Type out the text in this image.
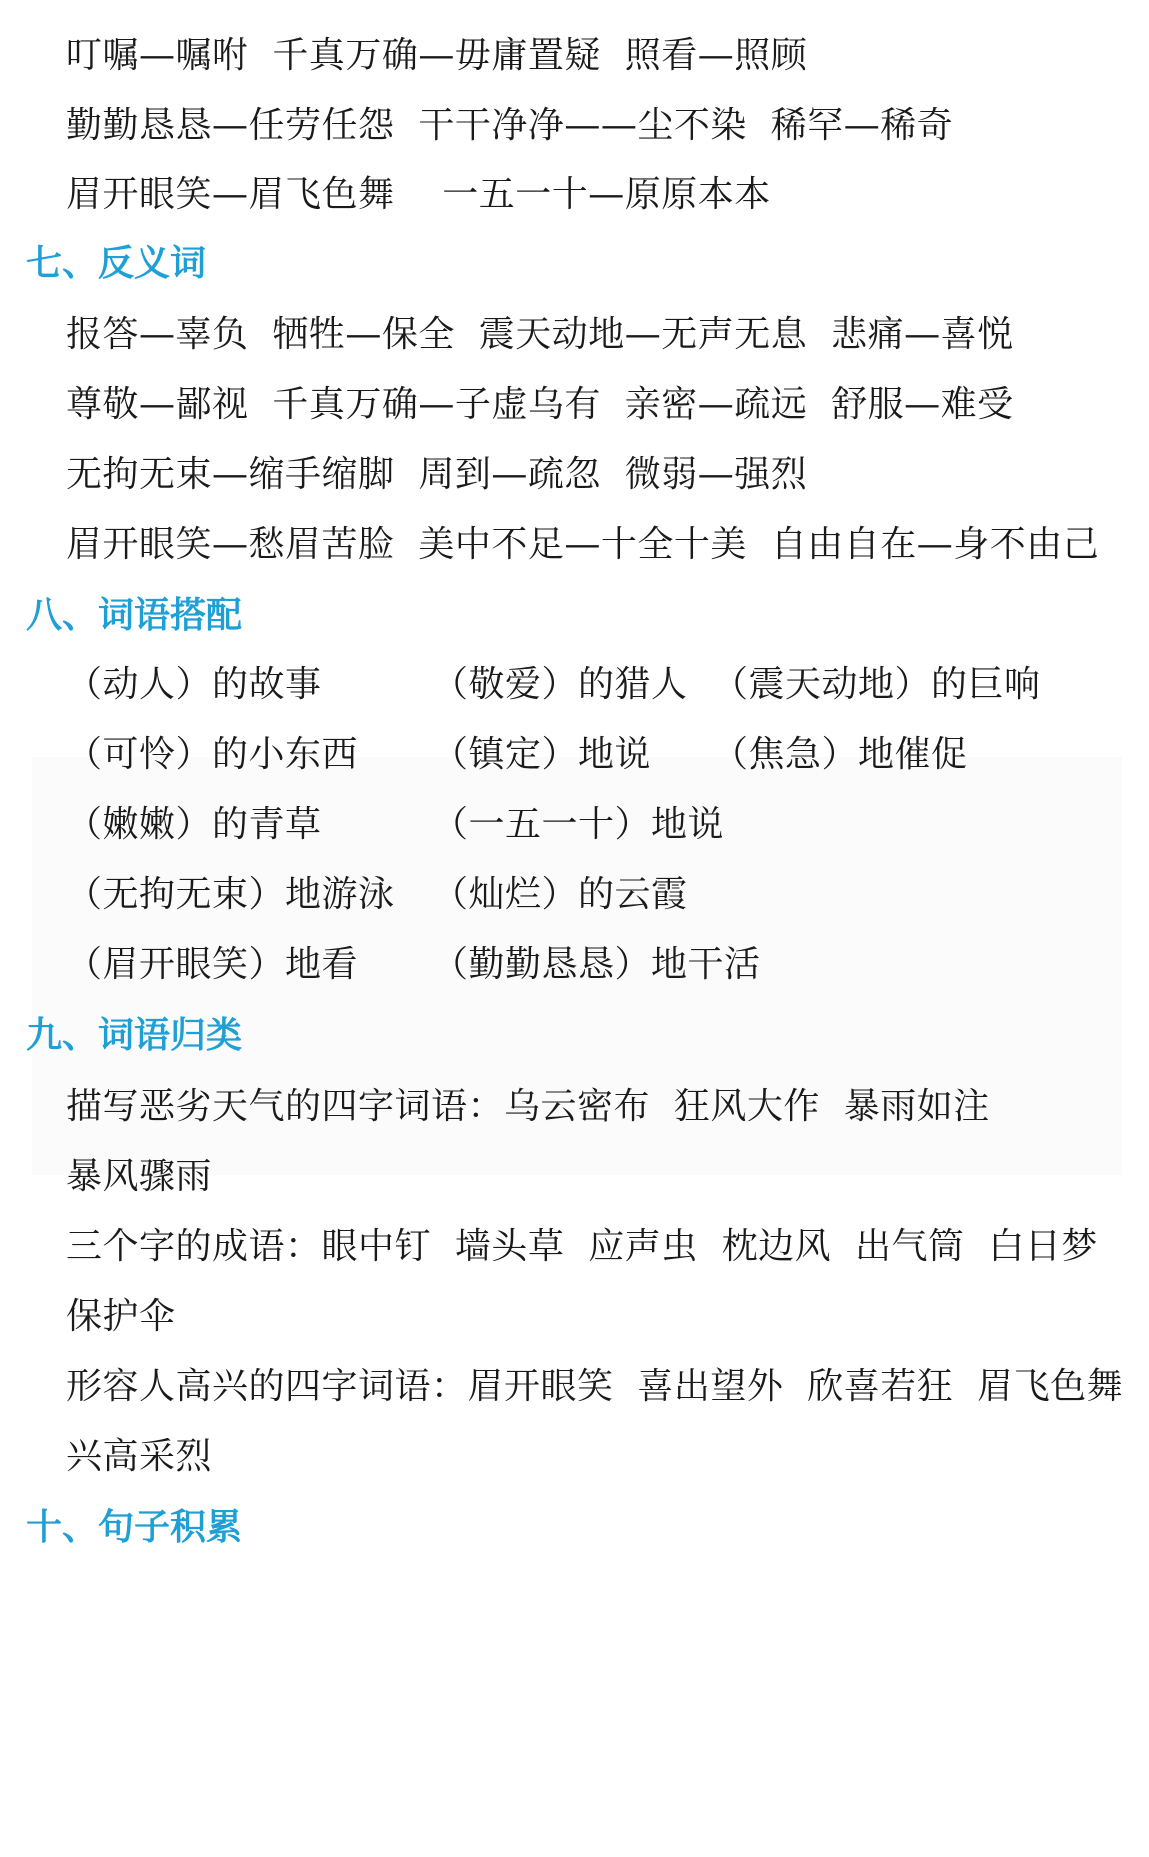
叮嘱—嘱咐  千真万确—毋庸置疑  照看—照顾
勤勤恳恳—任劳任怨  干干净净——尘不染  稀罕—稀奇
眉开眼笑—眉飞色舞    一五一十—原原本本
七、反义词
报答—辜负  牺牲—保全  震天动地—无声无息  悲痛—喜悦
尊敬—鄙视  千真万确—子虚乌有  亲密—疏远  舒服—难受
无拘无束—缩手缩脚  周到—疏忽  微弱—强烈
眉开眼笑—愁眉苦脸  美中不足—十全十美  自由自在—身不由己
八、词语搭配
（动人）的故事	（敬爱）的猎人 （震天动地）的巨响
（可怜）的小东西 （镇定）地说 （焦急）地催促
（嫩嫩）的青草	（一五一十）地说
（无拘无束）地游泳 （灿烂）的云霞
（眉开眼笑）地看 （勤勤恳恳）地干活
九、词语归类
描写恶劣天气的四字词语：乌云密布  狂风大作  暴雨如注
暴风骤雨
三个字的成语：眼中钉  墙头草  应声虫  枕边风  出气筒  白日梦
保护伞
形容人高兴的四字词语：眉开眼笑  喜出望外  欣喜若狂  眉飞色舞
兴高采烈
十、句子积累
